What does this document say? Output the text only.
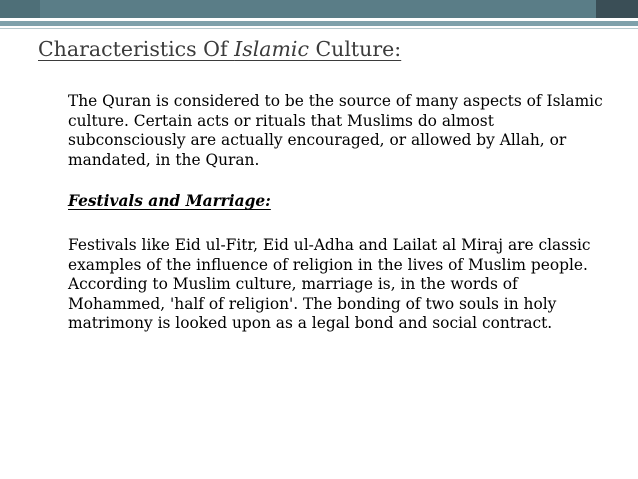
Characteristics Of Islamic Culture:

The Quran is considered to be the source of many aspects of Islamic culture. Certain acts or rituals that Muslims do almost subconsciously are actually encouraged, or allowed by Allah, or mandated, in the Quran.

Festivals and Marriage:

Festivals like Eid ul-Fitr, Eid ul-Adha and Lailat al Miraj are classic examples of the influence of religion in the lives of Muslim people. According to Muslim culture, marriage is, in the words of Mohammed, 'half of religion'. The bonding of two souls in holy matrimony is looked upon as a legal bond and social contract.
